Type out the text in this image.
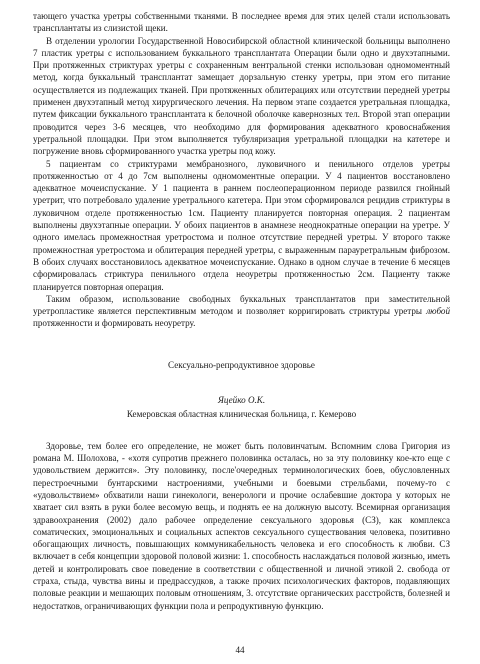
тающего участка уретры собственными тканями. В последнее время для этих целей стали использовать трансплантаты из слизистой щеки.

В отделении урологии Государственной Новосибирской областной клинической больницы выполнено 7 пластик уретры с использованием буккального трансплантата Операции были одно и двухэтапными. При протяженных стриктурах уретры с сохраненным вентральной стенки использован одномоментный метод, когда буккальный трансплантат замещает дорзальную стенку уретры, при этом его питание осуществляется из подлежащих тканей. При протяженных облитерациях или отсутствии передней уретры применен двухэтапный метод хирургического лечения. На первом этапе создается уретральная площадка, путем фиксации буккального трансплантата к белочной оболочке кавернозных тел. Второй этап операции проводится через 3-6 месяцев, что необходимо для формирования адекватного кровоснабжения уретральной площадки. При этом выполняется тубуляризация уретральной площадки на катетере и погружение вновь сформированного участка уретры под кожу.

5 пациентам со стриктурами мембранозного, луковичного и пенильного отделов уретры протяженностью от 4 до 7см выполнены одномоментные операции. У 4 пациентов восстановлено адекватное мочеиспускание. У 1 пациента в раннем послеоперационном периоде развился гнойный уретрит, что потребовало удаление уретрального катетера. При этом сформировался рецидив стриктуры в луковичном отделе протяженностью 1см. Пациенту планируется повторная операция. 2 пациентам выполнены двухэтапные операции. У обоих пациентов в анамнезе неоднократные операции на уретре. У одного имелась промежностная уретростома и полное отсутствие передней уретры. У второго также промежностная уретростома и облитерация передней уретры, с выраженным парауретральным фиброзом. В обоих случаях восстановилось адекватное мочеиспускание. Однако в одном случае в течение 6 месяцев сформировалась стриктура пенильного отдела неоуретры протяженностью 2см. Пациенту также планируется повторная операция.

Таким образом, использование свободных буккальных трансплантатов при заместительной уретропластике является перспективным методом и позволяет корригировать стриктуры уретры любой протяженности и формировать неоуретру.

Сексуально-репродуктивное здоровье
Яцейко О.К.
Кемеровская областная клиническая больница, г. Кемерово

Здоровье, тем более его определение, не может быть половинчатым. Вспомним слова Григория из романа М. Шолохова, - «хотя супротив прежнего половинка осталась, но за эту половинку кое-кто еще с удовольствием держится». Эту половинку, после'очередных терминологических боев, обусловленных перестроечными бунтарскими настроениями, учебными и боевыми стрельбами, почему-то с «удовольствием» обхватили наши гинекологи, венерологи и прочие ослабевшие доктора у которых не хватает сил взять в руки более весомую вещь, и поднять ее на должную высоту. Всемирная организация здравоохранения (2002) дало рабочее определение сексуального здоровья (СЗ), как комплекса соматических, эмоциональных и социальных аспектов сексуального существования человека, позитивно обогащающих личность, повышающих коммуникабельность человека и его способность к любви. СЗ включает в себя концепции здоровой половой жизни: 1. способность наслаждаться половой жизнью, иметь детей и контролировать свое поведение в соответствии с общественной и личной этикой 2. свобода от страха, стыда, чувства вины и предрассудков, а также прочих психологических факторов, подавляющих половые реакции и мешающих половым отношениям, 3. отсутствие органических расстройств, болезней и недостатков, ограничивающих функции пола и репродуктивную функцию.

44
